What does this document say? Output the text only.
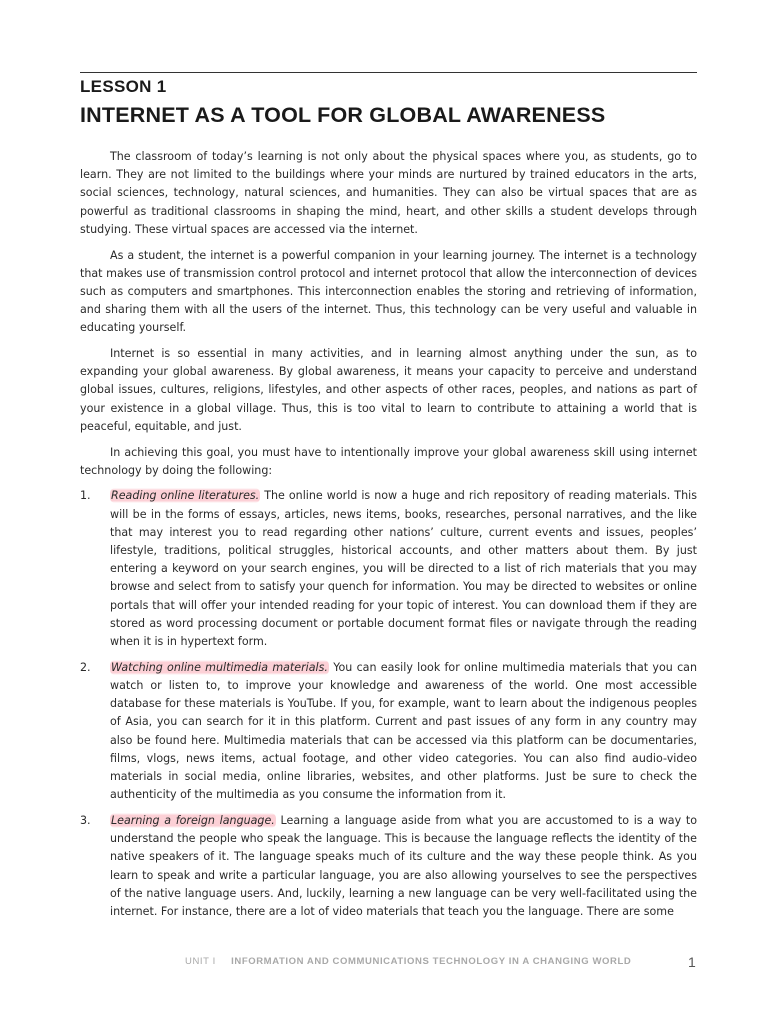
LESSON 1
INTERNET AS A TOOL FOR GLOBAL AWARENESS

The classroom of today’s learning is not only about the physical spaces where you, as students, go to learn. They are not limited to the buildings where your minds are nurtured by trained educators in the arts, social sciences, technology, natural sciences, and humanities. They can also be virtual spaces that are as powerful as traditional classrooms in shaping the mind, heart, and other skills a student develops through studying. These virtual spaces are accessed via the internet.

As a student, the internet is a powerful companion in your learning journey. The internet is a technology that makes use of transmission control protocol and internet protocol that allow the interconnection of devices such as computers and smartphones. This interconnection enables the storing and retrieving of information, and sharing them with all the users of the internet. Thus, this technology can be very useful and valuable in educating yourself.

Internet is so essential in many activities, and in learning almost anything under the sun, as to expanding your global awareness. By global awareness, it means your capacity to perceive and understand global issues, cultures, religions, lifestyles, and other aspects of other races, peoples, and nations as part of your existence in a global village. Thus, this is too vital to learn to contribute to attaining a world that is peaceful, equitable, and just.

In achieving this goal, you must have to intentionally improve your global awareness skill using internet technology by doing the following:

1.	Reading online literatures. The online world is now a huge and rich repository of reading materials. This will be in the forms of essays, articles, news items, books, researches, personal narratives, and the like that may interest you to read regarding other nations’ culture, current events and issues, peoples’ lifestyle, traditions, political struggles, historical accounts, and other matters about them. By just entering a keyword on your search engines, you will be directed to a list of rich materials that you may browse and select from to satisfy your quench for information. You may be directed to websites or online portals that will offer your intended reading for your topic of interest. You can download them if they are stored as word processing document or portable document format files or navigate through the reading when it is in hypertext form.
2.	Watching online multimedia materials. You can easily look for online multimedia materials that you can watch or listen to, to improve your knowledge and awareness of the world. One most accessible database for these materials is YouTube. If you, for example, want to learn about the indigenous peoples of Asia, you can search for it in this platform. Current and past issues of any form in any country may also be found here. Multimedia materials that can be accessed via this platform can be documentaries, films, vlogs, news items, actual footage, and other video categories. You can also find audio-video materials in social media, online libraries, websites, and other platforms. Just be sure to check the authenticity of the multimedia as you consume the information from it.
3.	Learning a foreign language. Learning a language aside from what you are accustomed to is a way to understand the people who speak the language. This is because the language reflects the identity of the native speakers of it. The language speaks much of its culture and the way these people think. As you learn to speak and write a particular language, you are also allowing yourselves to see the perspectives of the native language users. And, luckily, learning a new language can be very well-facilitated using the internet. For instance, there are a lot of video materials that teach you the language. There are some
UNIT I INFORMATION AND COMMUNICATIONS TECHNOLOGY IN A CHANGING WORLD	1
